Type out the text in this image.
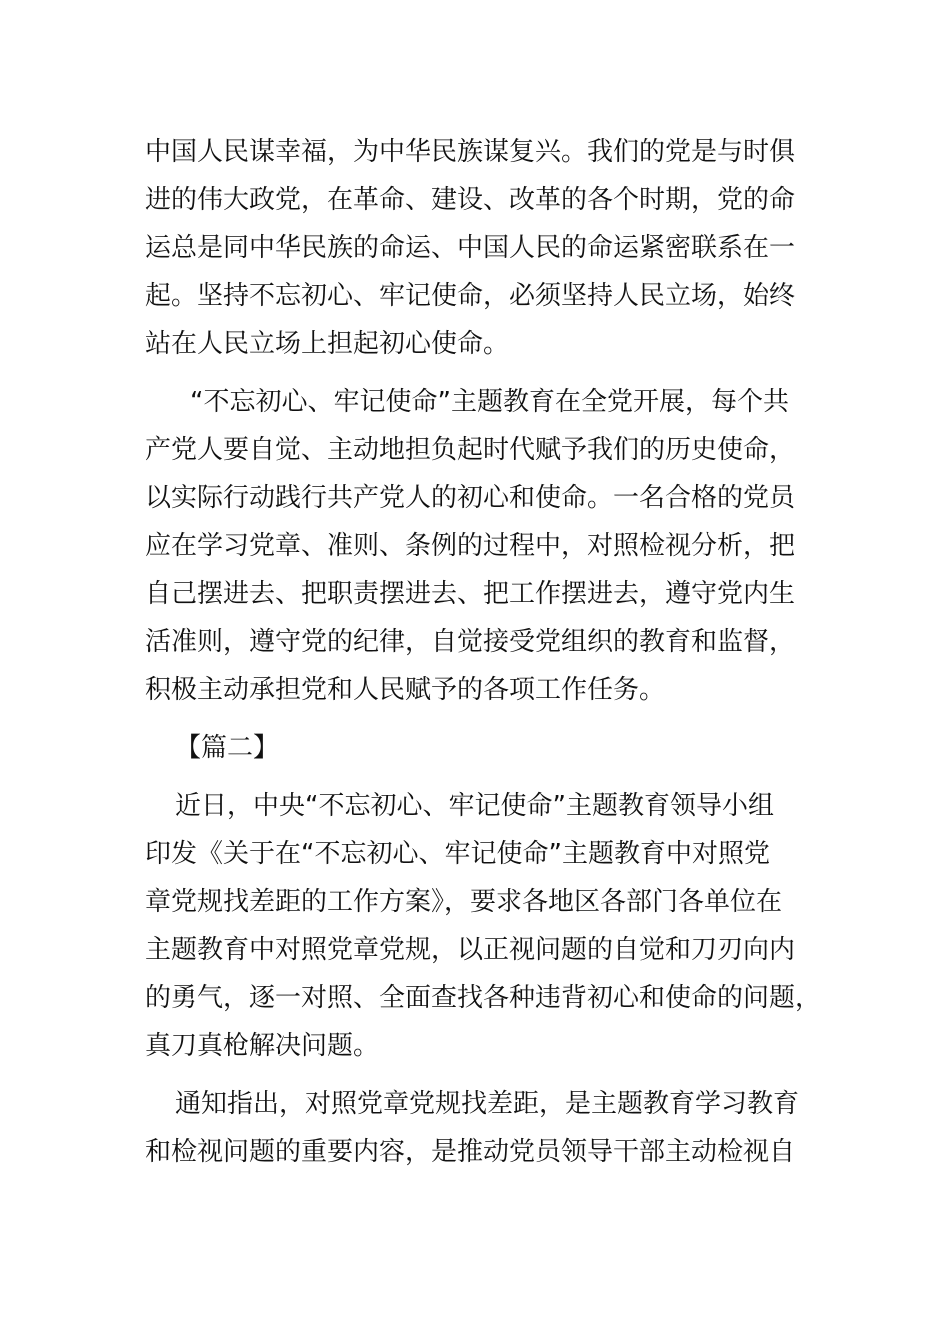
中国人民谋幸福，为中华民族谋复兴。我们的党是与时俱
进的伟大政党，在革命、建设、改革的各个时期，党的命
运总是同中华民族的命运、中国人民的命运紧密联系在一
起。坚持不忘初心、牢记使命，必须坚持人民立场，始终
站在人民立场上担起初心使命。
“不忘初心、牢记使命”主题教育在全党开展，每个共
产党人要自觉、主动地担负起时代赋予我们的历史使命，
以实际行动践行共产党人的初心和使命。一名合格的党员
应在学习党章、准则、条例的过程中，对照检视分析，把
自己摆进去、把职责摆进去、把工作摆进去，遵守党内生
活准则，遵守党的纪律，自觉接受党组织的教育和监督，
积极主动承担党和人民赋予的各项工作任务。
【篇二】
近日，中央“不忘初心、牢记使命”主题教育领导小组
印发《关于在“不忘初心、牢记使命”主题教育中对照党
章党规找差距的工作方案》，要求各地区各部门各单位在
主题教育中对照党章党规，以正视问题的自觉和刀刃向内
的勇气，逐一对照、全面查找各种违背初心和使命的问题，
真刀真枪解决问题。
通知指出，对照党章党规找差距，是主题教育学习教育
和检视问题的重要内容，是推动党员领导干部主动检视自
